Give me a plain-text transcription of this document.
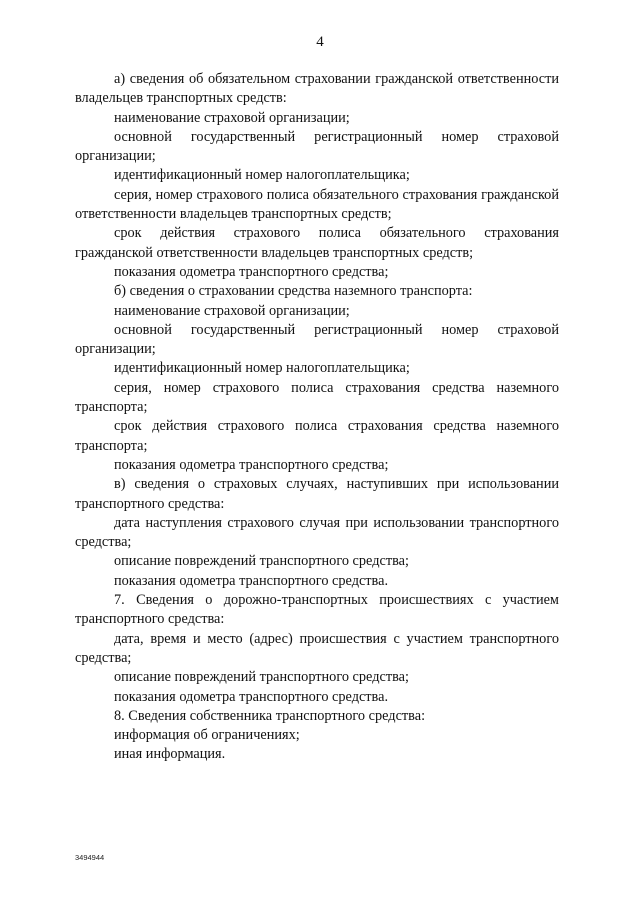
4

а) сведения об обязательном страховании гражданской ответственности владельцев транспортных средств:

наименование страховой организации;

основной государственный регистрационный номер страховой организации;

идентификационный номер налогоплательщика;

серия, номер страхового полиса обязательного страхования гражданской ответственности владельцев транспортных средств;

срок действия страхового полиса обязательного страхования гражданской ответственности владельцев транспортных средств;

показания одометра транспортного средства;

б) сведения о страховании средства наземного транспорта:

наименование страховой организации;

основной государственный регистрационный номер страховой организации;

идентификационный номер налогоплательщика;

серия, номер страхового полиса страхования средства наземного транспорта;

срок действия страхового полиса страхования средства наземного транспорта;

показания одометра транспортного средства;

в) сведения о страховых случаях, наступивших при использовании транспортного средства:

дата наступления страхового случая при использовании транспортного средства;

описание повреждений транспортного средства;

показания одометра транспортного средства.

7. Сведения о дорожно-транспортных происшествиях с участием транспортного средства:

дата, время и место (адрес) происшествия с участием транспортного средства;

описание повреждений транспортного средства;

показания одометра транспортного средства.

8. Сведения собственника транспортного средства:

информация об ограничениях;

иная информация.

3494944
